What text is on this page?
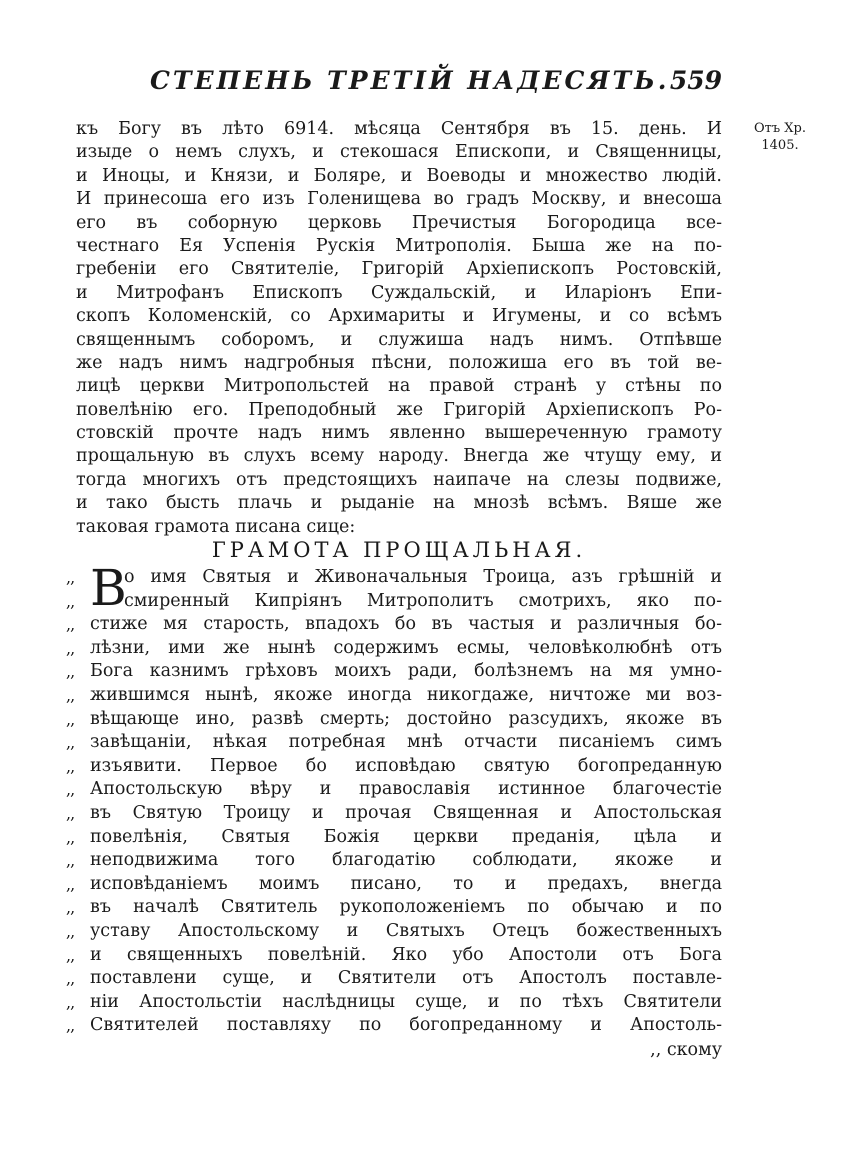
СТЕПЕНЬ ТРЕТІЙ НАДЕСЯТЬ. 559
Отъ Хр.
1405.
къ Богу въ лѣто 6914. мѣсяца Сентября въ 15. день. И
изыде о немъ слухъ, и стекошася Епископи, и Священницы,
и Иноцы, и Князи, и Боляре, и Воеводы и множество людій.
И принесоша его изъ Голенищева во градъ Москву, и внесоша
его въ соборную церковь Пречистыя Богородица все-
честнаго Ея Успенія Рускія Митрополія. Быша же на по-
гребеніи его Святителіе, Григорій Архіепископъ Ростовскій,
и Митрофанъ Епископъ Суждальскій, и Иларіонъ Епи-
скопъ Коломенскій, со Архимариты и Игумены, и со всѣмъ
священнымъ соборомъ, и служиша надъ нимъ. Отпѣвше
же надъ нимъ надгробныя пѣсни, положиша его въ той ве-
лицѣ церкви Митропольстей на правой странѣ у стѣны по
повелѣнію его. Преподобный же Григорій Архіепископъ Ро-
стовскій прочте надъ нимъ явленно вышереченную грамоту
прощальную въ слухъ всему народу. Внегда же чтущу ему, и
тогда многихъ отъ предстоящихъ наипаче на слезы подвиже,
и тако бысть плачь и рыданіе на мнозѣ всѣмъ. Вяше же
таковая грамота писана сице:
ГРАМОТА ПРОЩАЛЬНАЯ.
В
,,	о имя Святыя и Живоначальныя Троица, азъ грѣшній и
,,	смиренный Кипріянъ Митрополитъ смотрихъ, яко по-
,, стиже мя старость, впадохъ бо въ частыя и различныя бо-
,, лѣзни, ими же нынѣ содержимъ есмы, человѣколюбнѣ отъ
,, Бога казнимъ грѣховъ моихъ ради, болѣзнемъ на мя умно-
,, жившимся нынѣ, якоже иногда никогдаже, ничтоже ми воз-
,, вѣщающе ино, развѣ смерть; достойно разсудихъ, якоже въ
,, завѣщаніи, нѣкая потребная мнѣ отчасти писаніемъ симъ
,, изъявити. Первое бо исповѣдаю святую богопреданную
,, Апостольскую вѣру и православія истинное благочестіе
,, въ Святую Троицу и прочая Священная и Апостольская
,, повелѣнія, Святыя Божія церкви преданія, цѣла и
,, неподвижима того благодатію соблюдати, якоже и
,, исповѣданіемъ моимъ писано, то и предахъ, внегда
,, въ началѣ Святитель рукоположеніемъ по обычаю и по
,, уставу Апостольскому и Святыхъ Отецъ божественныхъ
,, и священныхъ повелѣній. Яко убо Апостоли отъ Бога
,, поставлени суще, и Святители отъ Апостолъ поставле-
,, ніи Апостольстіи наслѣдницы суще, и по тѣхъ Святители
,, Святителей поставляху по богопреданному и Апостоль-
,, скому
